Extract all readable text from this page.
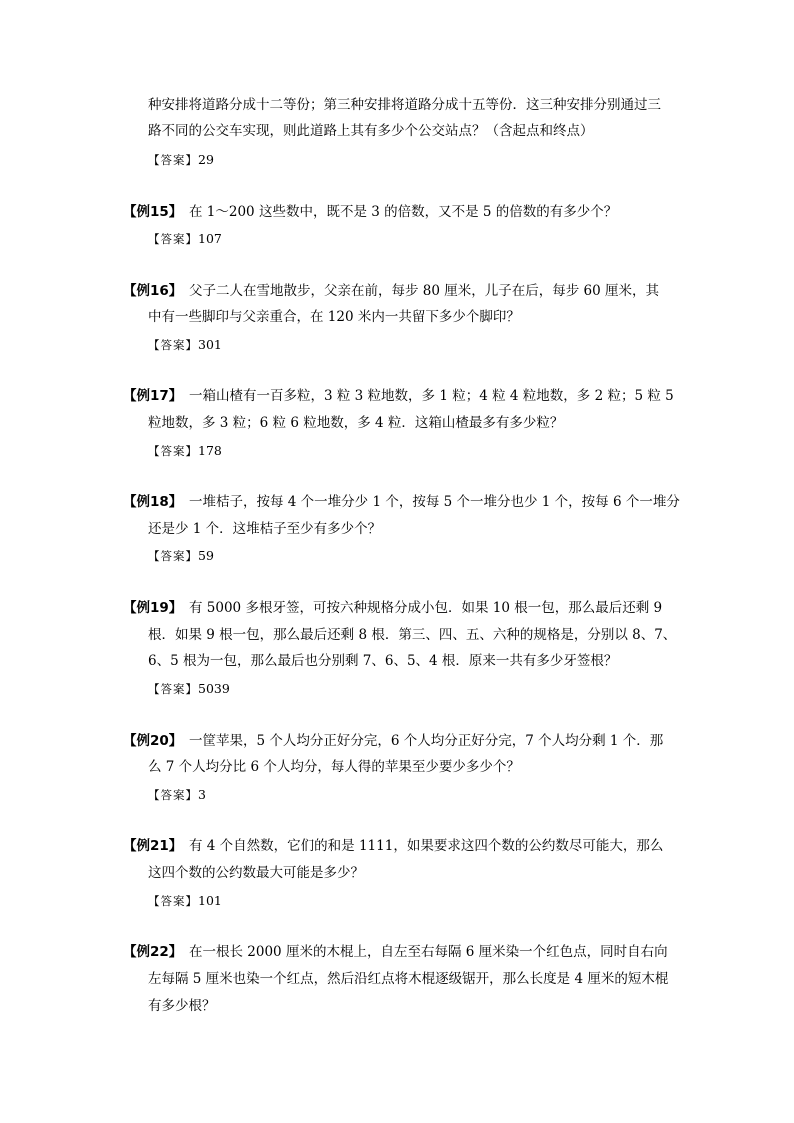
种安排将道路分成十二等份；第三种安排将道路分成十五等份．这三种安排分别通过三
路不同的公交车实现，则此道路上其有多少个公交站点？（含起点和终点）
【答案】29
【例15】 在 1～200 这些数中，既不是 3 的倍数，又不是 5 的倍数的有多少个？
【答案】107
【例16】 父子二人在雪地散步，父亲在前，每步 80 厘米，儿子在后，每步 60 厘米，其
中有一些脚印与父亲重合，在 120 米内一共留下多少个脚印？
【答案】301
【例17】 一箱山楂有一百多粒，3 粒 3 粒地数，多 1 粒；4 粒 4 粒地数，多 2 粒；5 粒 5
粒地数，多 3 粒；6 粒 6 粒地数，多 4 粒．这箱山楂最多有多少粒？
【答案】178
【例18】 一堆桔子，按每 4 个一堆分少 1 个，按每 5 个一堆分也少 1 个，按每 6 个一堆分
还是少 1 个．这堆桔子至少有多少个？
【答案】59
【例19】 有 5000 多根牙签，可按六种规格分成小包．如果 10 根一包，那么最后还剩 9
根．如果 9 根一包，那么最后还剩 8 根．第三、四、五、六种的规格是，分别以 8、7、
6、5 根为一包，那么最后也分别剩 7、6、5、4 根．原来一共有多少牙签根？
【答案】5039
【例20】 一筐苹果，5 个人均分正好分完，6 个人均分正好分完，7 个人均分剩 1 个．那
么 7 个人均分比 6 个人均分，每人得的苹果至少要少多少个？
【答案】3
【例21】 有 4 个自然数，它们的和是 1111，如果要求这四个数的公约数尽可能大，那么
这四个数的公约数最大可能是多少？
【答案】101
【例22】 在一根长 2000 厘米的木棍上，自左至右每隔 6 厘米染一个红色点，同时自右向
左每隔 5 厘米也染一个红点，然后沿红点将木棍逐级锯开，那么长度是 4 厘米的短木棍
有多少根？
